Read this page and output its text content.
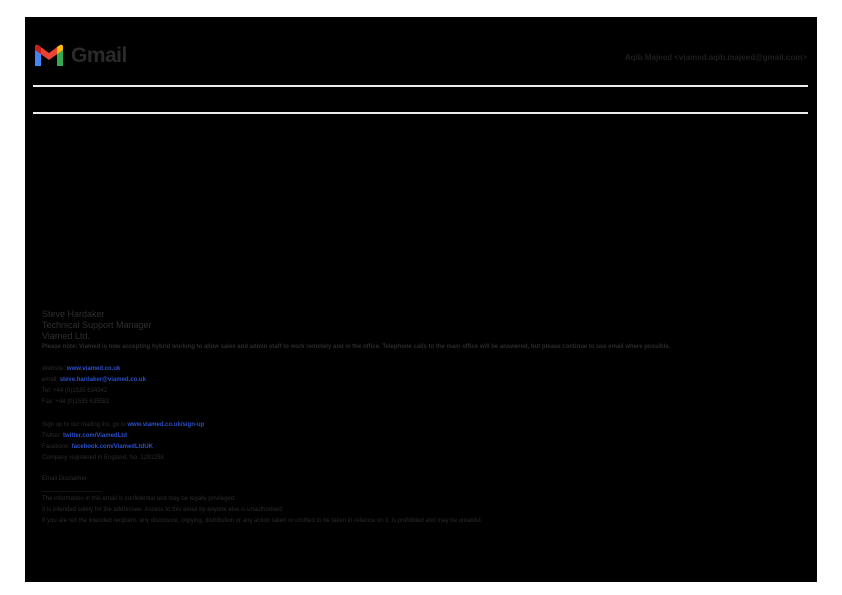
Gmail	Aqib Majeed <viamed.aqib.majeed@gmail.com>
Steve Hardaker
Technical Support Manager
Viamed Ltd.
Please note: Viamed is now accepting hybrid working to allow sales and admin staff to work remotely and in the office. Telephone calls to the main office will be answered, but please continue to use email where possible.
Website: www.viamed.co.uk
email: steve.hardaker@viamed.co.uk
Tel: +44 (0)1535 634542
Fax: +44 (0)1535 635582
Sign up to our mailing list, go to www.viamed.co.uk/sign-up
Twitter: twitter.com/ViamedLtd
Facebook: facebook.com/ViamedLtdUK
Company registered in England, No. 1291258.
Email Disclaimer
__________________
The information in this email is confidential and may be legally privileged.
It is intended solely for the addressee. Access to this email by anyone else is unauthorised.
If you are not the intended recipient, any disclosure, copying, distribution or any action taken or omitted to be taken in reliance on it, is prohibited and may be unlawful.
